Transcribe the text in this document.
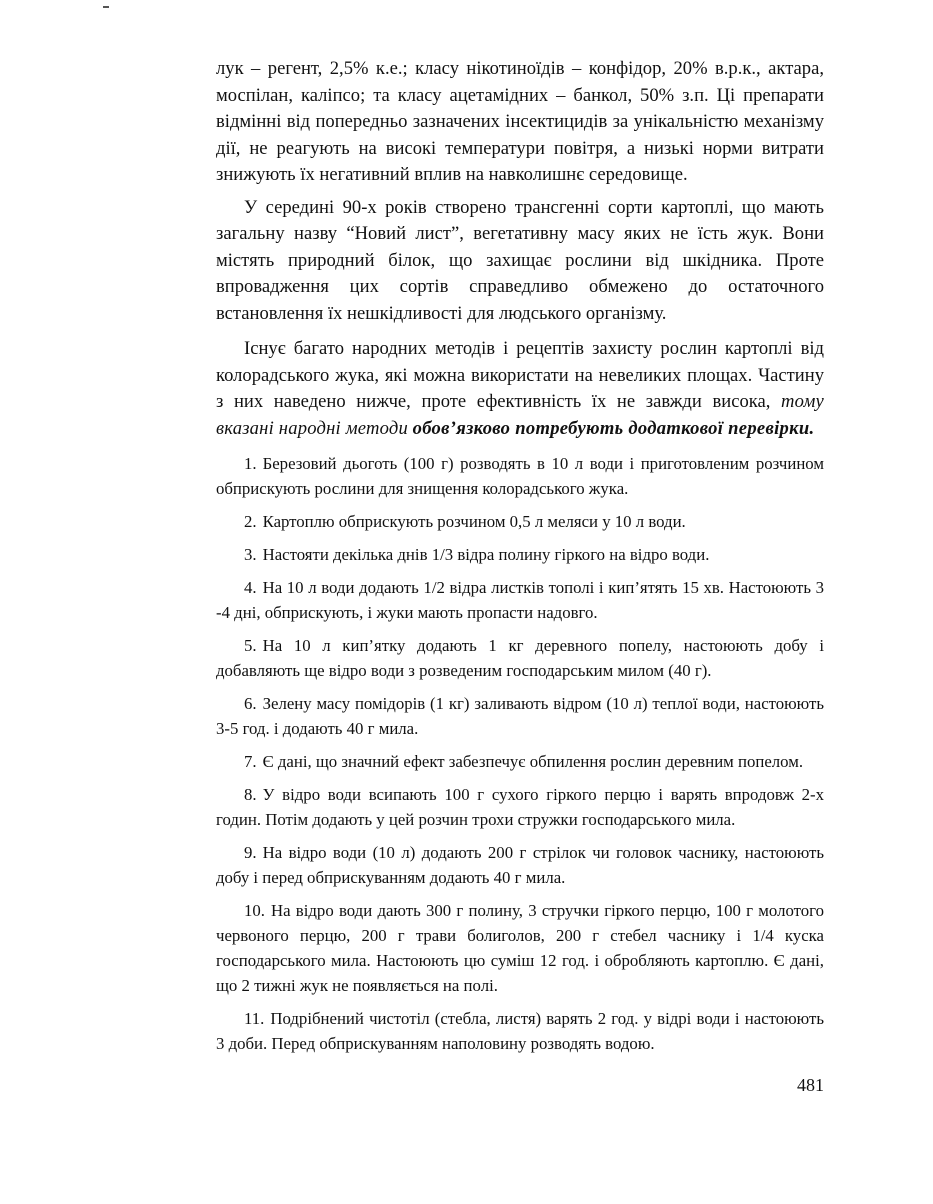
лук – регент, 2,5% к.е.; класу нікотиноїдів – конфідор, 20% в.р.к., актара, моспілан, каліпсо; та класу ацетамідних – банкол, 50% з.п. Ці препарати відмінні від попередньо зазначених інсектицидів за унікальністю механізму дії, не реагують на високі температури повітря, а низькі норми витрати знижують їх негативний вплив на навколишнє середовище.

У середині 90-х років створено трансгенні сорти картоплі, що мають загальну назву “Новий лист”, вегетативну масу яких не їсть жук. Вони містять природний білок, що захищає рослини від шкідника. Проте впровадження цих сортів справедливо обмежено до остаточного встановлення їх нешкідливості для людського організму.

Існує багато народних методів і рецептів захисту рослин картоплі від колорадського жука, які можна використати на невеликих площах. Частину з них наведено нижче, проте ефективність їх не завжди висока, тому вказані народні методи обов’язково потребують додаткової перевірки.

1. Березовий дьоготь (100 г) розводять в 10 л води і приготовленим розчином обприскують рослини для знищення колорадського жука.
2. Картоплю обприскують розчином 0,5 л меляси у 10 л води.
3. Настояти декілька днів 1/3 відра полину гіркого на відро води.
4. На 10 л води додають 1/2 відра листків тополі і кип’ятять 15 хв. Настоюють 3 -4 дні, обприскують, і жуки мають пропасти надовго.
5. На 10 л кип’ятку додають 1 кг деревного попелу, настоюють добу і добавляють ще відро води з розведеним господарським милом (40 г).
6. Зелену масу помідорів (1 кг) заливають відром (10 л) теплої води, настоюють 3-5 год. і додають 40 г мила.
7. Є дані, що значний ефект забезпечує обпилення рослин деревним попелом.
8. У відро води всипають 100 г сухого гіркого перцю і варять впродовж 2-х годин. Потім додають у цей розчин трохи стружки господарського мила.
9. На відро води (10 л) додають 200 г стрілок чи головок часнику, настоюють добу і перед обприскуванням додають 40 г мила.
10. На відро води дають 300 г полину, 3 стручки гіркого перцю, 100 г молотого червоного перцю, 200 г трави болиголов, 200 г стебел часнику і 1/4 куска господарського мила. Настоюють цю суміш 12 год. і обробляють картоплю. Є дані, що 2 тижні жук не появляється на полі.
11. Подрібнений чистотіл (стебла, листя) варять 2 год. у відрі води і настоюють 3 доби. Перед обприскуванням наполовину розводять водою.
481
